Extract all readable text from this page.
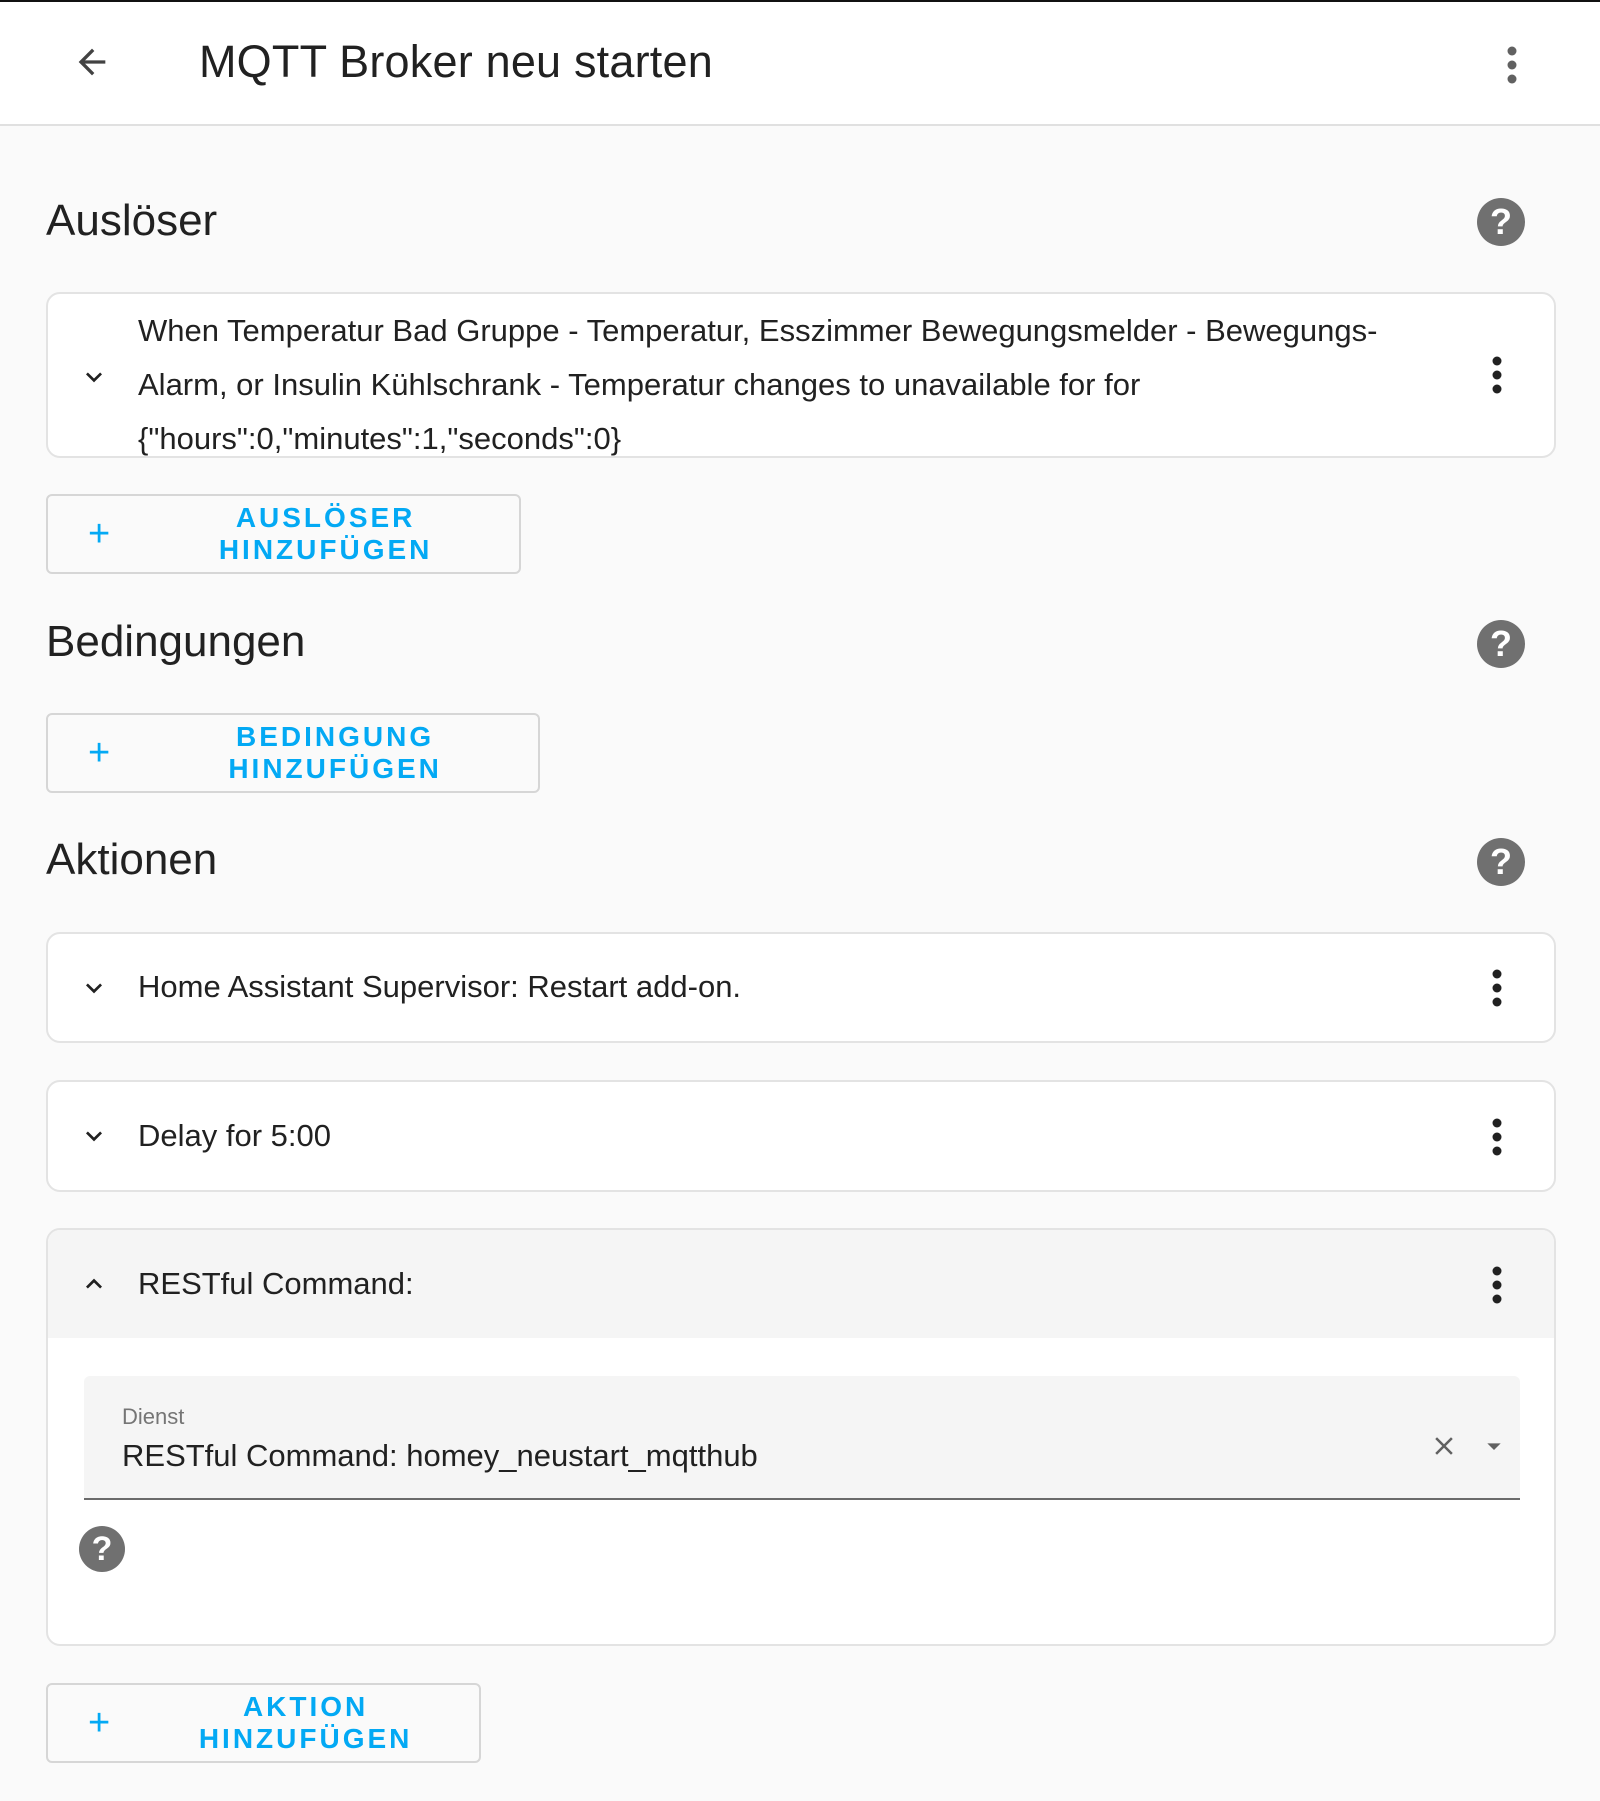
MQTT Broker neu starten
Auslöser	?
When Temperatur Bad Gruppe - Temperatur, Esszimmer Bewegungsmelder - Bewegungs-
Alarm, or Insulin Kühlschrank - Temperatur changes to unavailable for for
{"hours":0,"minutes":1,"seconds":0}
+	AUSLÖSER HINZUFÜGEN
Bedingungen	?
+	BEDINGUNG HINZUFÜGEN
Aktionen	?
Home Assistant Supervisor: Restart add-on.
Delay for 5:00
RESTful Command:
Dienst
RESTful Command: homey_neustart_mqtthub
?
+	AKTION HINZUFÜGEN
